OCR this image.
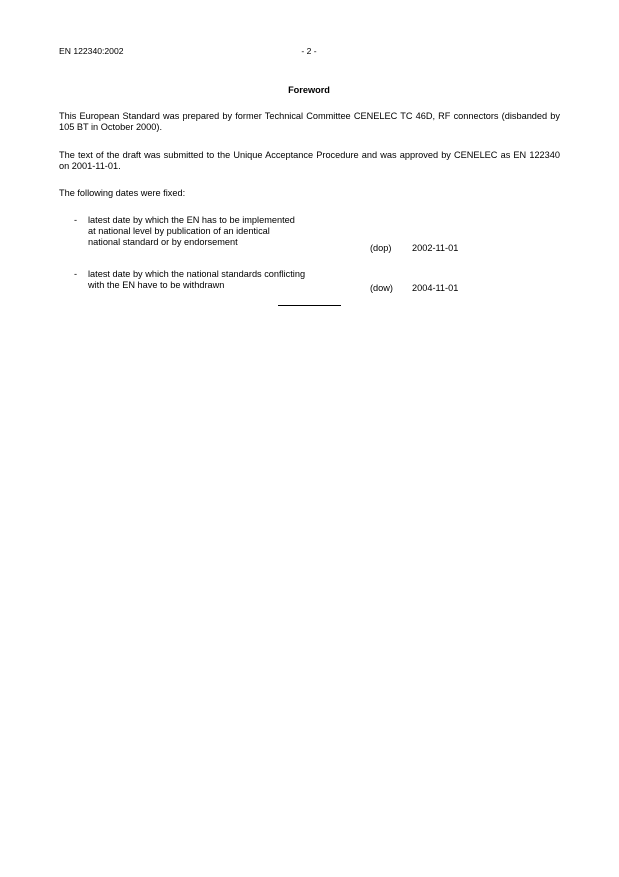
EN 122340:2002	- 2 -
Foreword
This European Standard was prepared by former Technical Committee CENELEC TC 46D, RF connectors (disbanded by 105 BT in October 2000).
The text of the draft was submitted to the Unique Acceptance Procedure and was approved by CENELEC as EN 122340 on 2001-11-01.
The following dates were fixed:
- latest date by which the EN has to be implemented
at national level by publication of an identical
national standard or by endorsement
(dop)	2002-11-01
- latest date by which the national standards conflicting
with the EN have to be withdrawn	(dow)	2004-11-01
